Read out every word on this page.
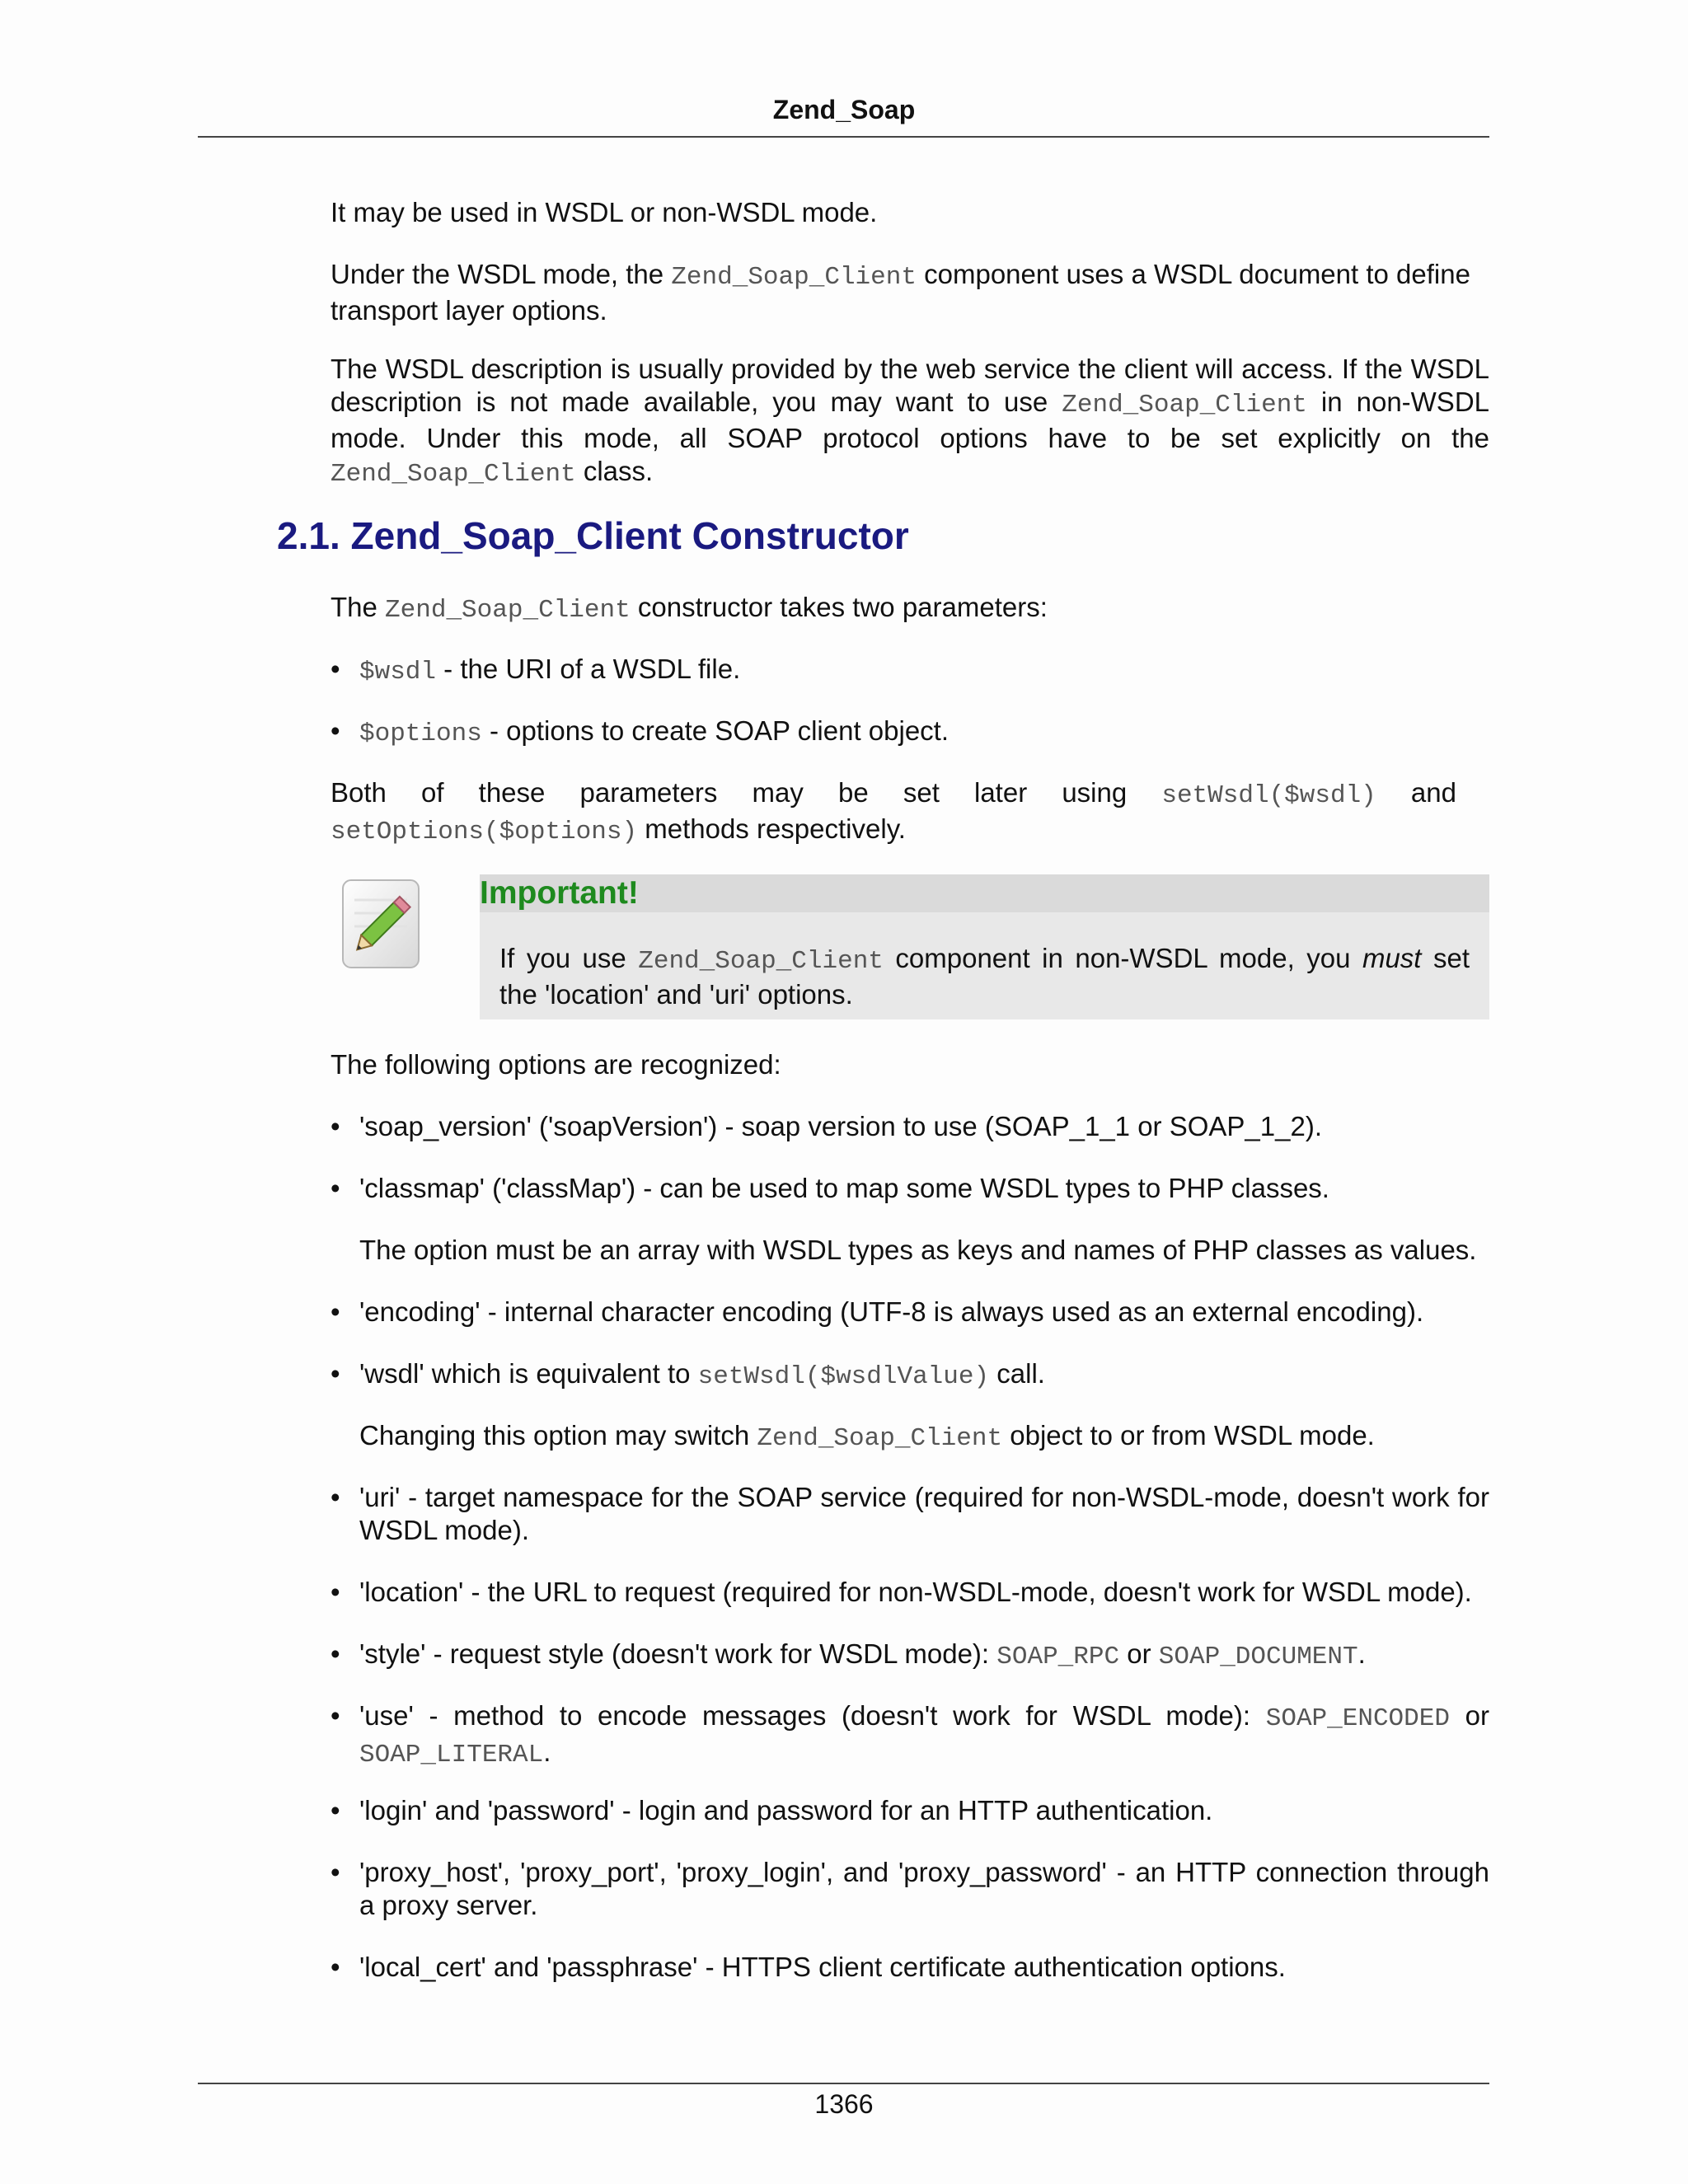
Zend_Soap

It may be used in WSDL or non-WSDL mode.

Under the WSDL mode, the Zend_Soap_Client component uses a WSDL document to define transport layer options.

The WSDL description is usually provided by the web service the client will access. If the WSDL description is not made available, you may want to use Zend_Soap_Client in non-WSDL mode. Under this mode, all SOAP protocol options have to be set explicitly on the Zend_Soap_Client class.

2.1. Zend_Soap_Client Constructor

The Zend_Soap_Client constructor takes two parameters:

• $wsdl - the URI of a WSDL file.
• $options - options to create SOAP client object.

Both of these parameters may be set later using setWsdl($wsdl) and setOptions($options) methods respectively.

Important!

If you use Zend_Soap_Client component in non-WSDL mode, you must set the 'location' and 'uri' options.

The following options are recognized:

• 'soap_version' ('soapVersion') - soap version to use (SOAP_1_1 or SOAP_1_2).
• 'classmap' ('classMap') - can be used to map some WSDL types to PHP classes.

The option must be an array with WSDL types as keys and names of PHP classes as values.

• 'encoding' - internal character encoding (UTF-8 is always used as an external encoding).
• 'wsdl' which is equivalent to setWsdl($wsdlValue) call.

Changing this option may switch Zend_Soap_Client object to or from WSDL mode.

• 'uri' - target namespace for the SOAP service (required for non-WSDL-mode, doesn't work for WSDL mode).
• 'location' - the URL to request (required for non-WSDL-mode, doesn't work for WSDL mode).
• 'style' - request style (doesn't work for WSDL mode): SOAP_RPC or SOAP_DOCUMENT.
• 'use' - method to encode messages (doesn't work for WSDL mode): SOAP_ENCODED or SOAP_LITERAL.
• 'login' and 'password' - login and password for an HTTP authentication.
• 'proxy_host', 'proxy_port', 'proxy_login', and 'proxy_password' - an HTTP connection through a proxy server.
• 'local_cert' and 'passphrase' - HTTPS client certificate authentication options.
1366
